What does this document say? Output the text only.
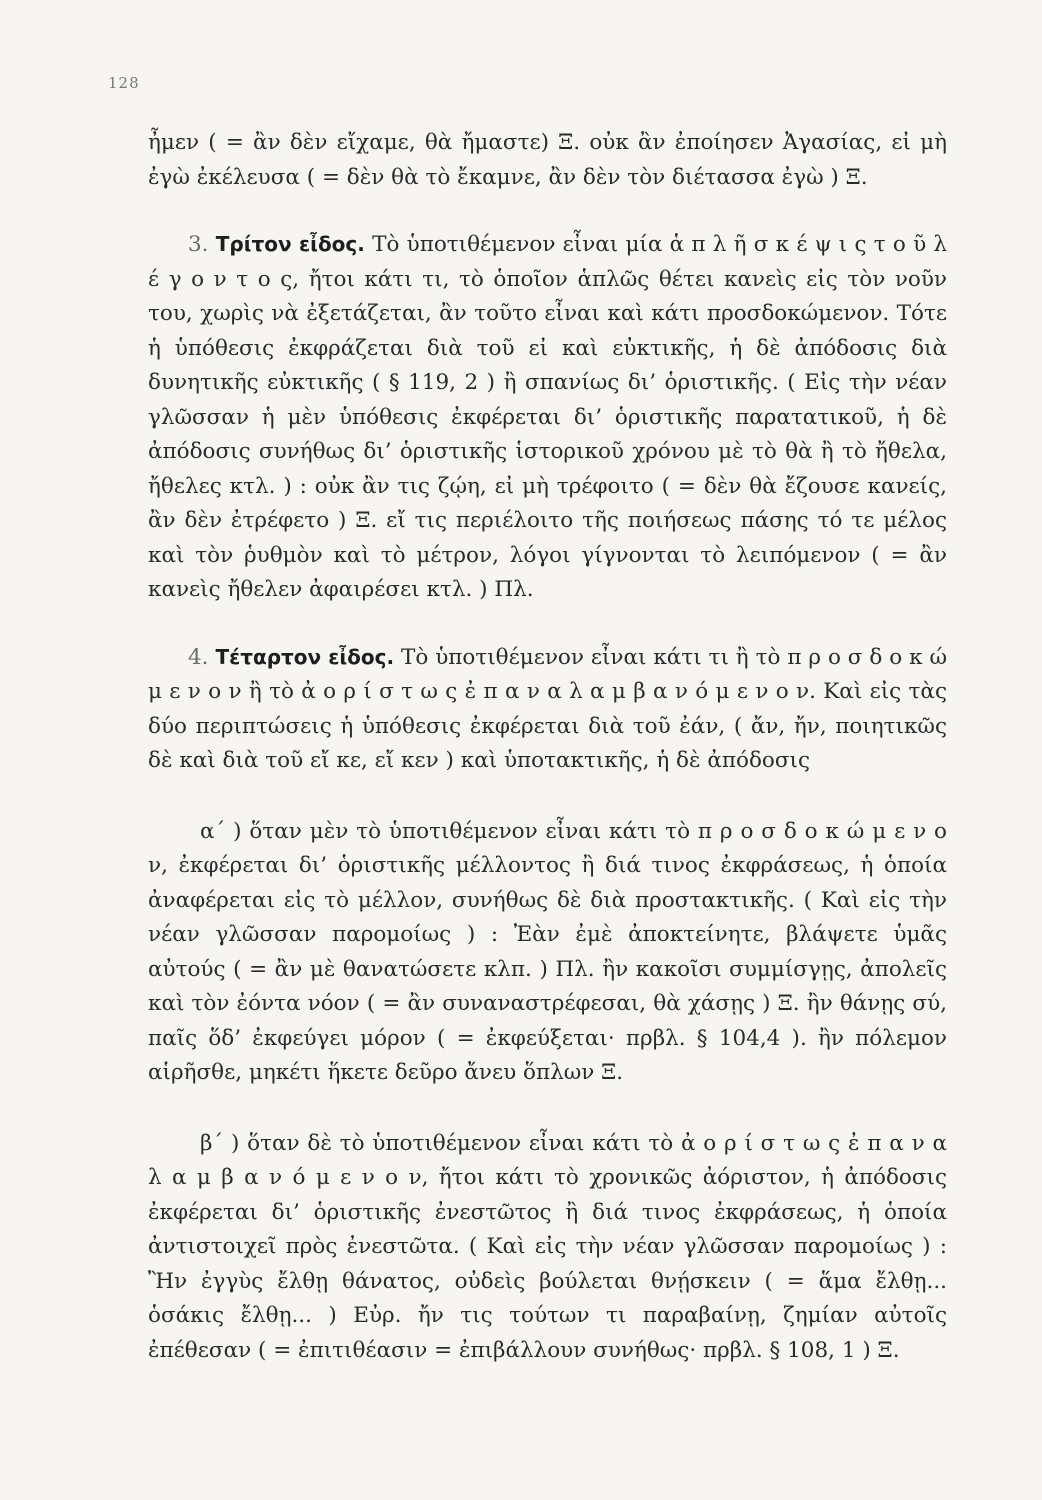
128

ἦμεν ( = ἂν δὲν εἴχαμε, θὰ ἤμαστε) Ξ. οὐκ ἂν ἐποίησεν Ἀγασίας, εἰ μὴ ἐγὼ ἐκέλευσα ( = δὲν θὰ τὸ ἔκαμνε, ἂν δὲν τὸν διέτασσα ἐγὼ ) Ξ.

3. Τρίτον εἶδος. Τὸ ὑποτιθέμενον εἶναι μία ἁ π λ ῆ σ κ έ ψ ι ς τ ο ῦ λ έ γ ο ν τ ο ς, ἤτοι κάτι τι, τὸ ὁποῖον ἁπλῶς θέτει κανεὶς εἰς τὸν νοῦν του, χωρὶς νὰ ἐξετάζεται, ἂν τοῦτο εἶναι καὶ κάτι προσδοκώμενον. Τότε ἡ ὑπόθεσις ἐκφράζεται διὰ τοῦ εἰ καὶ εὐκτικῆς, ἡ δὲ ἀπόδοσις διὰ δυνητικῆς εὐκτικῆς ( § 119, 2 ) ἢ σπανίως δι’ ὁριστικῆς. ( Εἰς τὴν νέαν γλῶσσαν ἡ μὲν ὑπόθεσις ἐκφέρεται δι’ ὁριστικῆς παρατατικοῦ, ἡ δὲ ἀπόδοσις συνήθως δι’ ὁριστικῆς ἱστορικοῦ χρόνου μὲ τὸ θὰ ἢ τὸ ἤθελα, ἤθελες κτλ. ) : οὐκ ἂν τις ζῴη, εἰ μὴ τρέφοιτο ( = δὲν θὰ ἔζουσε κανείς, ἂν δὲν ἐτρέφετο ) Ξ. εἴ τις περιέλοιτο τῆς ποιήσεως πάσης τό τε μέλος καὶ τὸν ῥυθμὸν καὶ τὸ μέτρον, λόγοι γίγνονται τὸ λειπόμενον ( = ἂν κανεὶς ἤθελεν ἀφαιρέσει κτλ. ) Πλ.

4. Τέταρτον εἶδος. Τὸ ὑποτιθέμενον εἶναι κάτι τι ἢ τὸ π ρ ο σ δ ο κ ώ μ ε ν ο ν ἢ τὸ ἀ ο ρ ί σ τ ω ς ἐ π α ν α λ α μ β α ν ό μ ε ν ο ν. Καὶ εἰς τὰς δύο περιπτώσεις ἡ ὑπόθεσις ἐκφέρεται διὰ τοῦ ἐάν, ( ἄν, ἤν, ποιητικῶς δὲ καὶ διὰ τοῦ εἴ κε, εἴ κεν ) καὶ ὑποτακτικῆς, ἡ δὲ ἀπόδοσις

α΄ ) ὅταν μὲν τὸ ὑποτιθέμενον εἶναι κάτι τὸ π ρ ο σ δ ο κ ώ μ ε ν ο ν, ἐκφέρεται δι’ ὁριστικῆς μέλλοντος ἢ διά τινος ἐκφράσεως, ἡ ὁποία ἀναφέρεται εἰς τὸ μέλλον, συνήθως δὲ διὰ προστακτικῆς. ( Καὶ εἰς τὴν νέαν γλῶσσαν παρομοίως ) : Ἐὰν ἐμὲ ἀποκτείνητε, βλάψετε ὑμᾶς αὐτούς ( = ἂν μὲ θανατώσετε κλπ. ) Πλ. ἢν κακοῖσι συμμίσγῃς, ἀπολεῖς καὶ τὸν ἐόντα νόον ( = ἂν συναναστρέφεσαι, θὰ χάσῃς ) Ξ. ἢν θάνῃς σύ, παῖς ὅδ’ ἐκφεύγει μόρον ( = ἐκφεύξεται· πρβλ. § 104,4 ). ἢν πόλεμον αἱρῆσθε, μηκέτι ἥκετε δεῦρο ἄνευ ὅπλων Ξ.

β΄ ) ὅταν δὲ τὸ ὑποτιθέμενον εἶναι κάτι τὸ ἀ ο ρ ί σ τ ω ς ἐ π α ν α λ α μ β α ν ό μ ε ν ο ν, ἤτοι κάτι τὸ χρονικῶς ἀόριστον, ἡ ἀπόδοσις ἐκφέρεται δι’ ὁριστικῆς ἐνεστῶτος ἢ διά τινος ἐκφράσεως, ἡ ὁποία ἀντιστοιχεῖ πρὸς ἐνεστῶτα. ( Καὶ εἰς τὴν νέαν γλῶσσαν παρομοίως ) : Ἢν ἐγγὺς ἔλθῃ θάνατος, οὐδεὶς βούλεται θνῄσκειν ( = ἅμα ἔλθῃ... ὁσάκις ἔλθῃ... ) Εὐρ. ἤν τις τούτων τι παραβαίνῃ, ζημίαν αὐτοῖς ἐπέθεσαν ( = ἐπιτιθέασιν = ἐπιβάλλουν συνήθως· πρβλ. § 108, 1 ) Ξ.
